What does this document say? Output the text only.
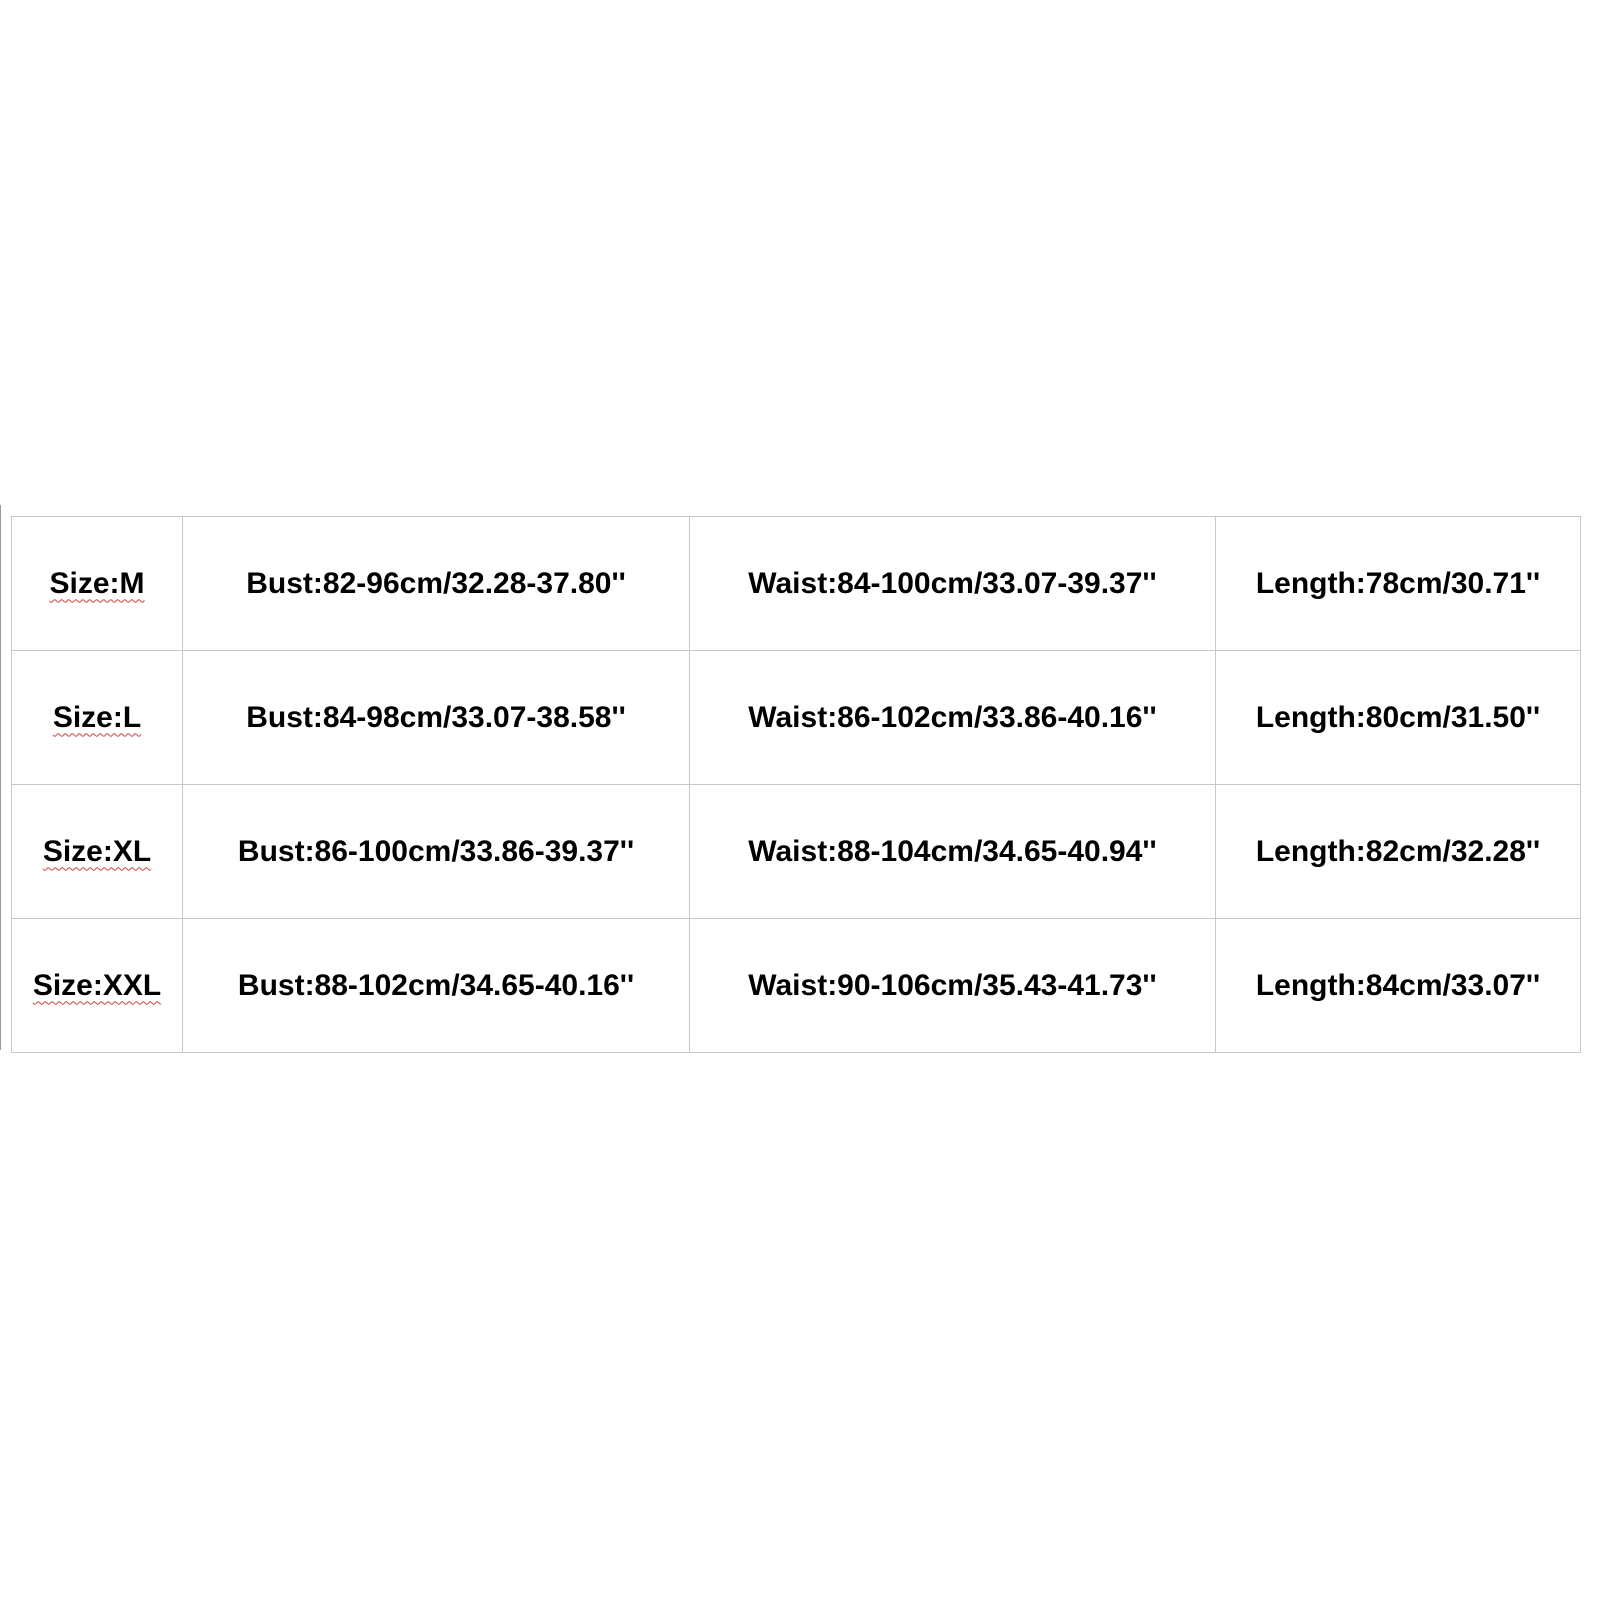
Size:M	Bust:82-96cm/32.28-37.80''	Waist:84-100cm/33.07-39.37''	Length:78cm/30.71''
Size:L	Bust:84-98cm/33.07-38.58''	Waist:86-102cm/33.86-40.16''	Length:80cm/31.50''
Size:XL	Bust:86-100cm/33.86-39.37''	Waist:88-104cm/34.65-40.94''	Length:82cm/32.28''
Size:XXL	Bust:88-102cm/34.65-40.16''	Waist:90-106cm/35.43-41.73''	Length:84cm/33.07''
